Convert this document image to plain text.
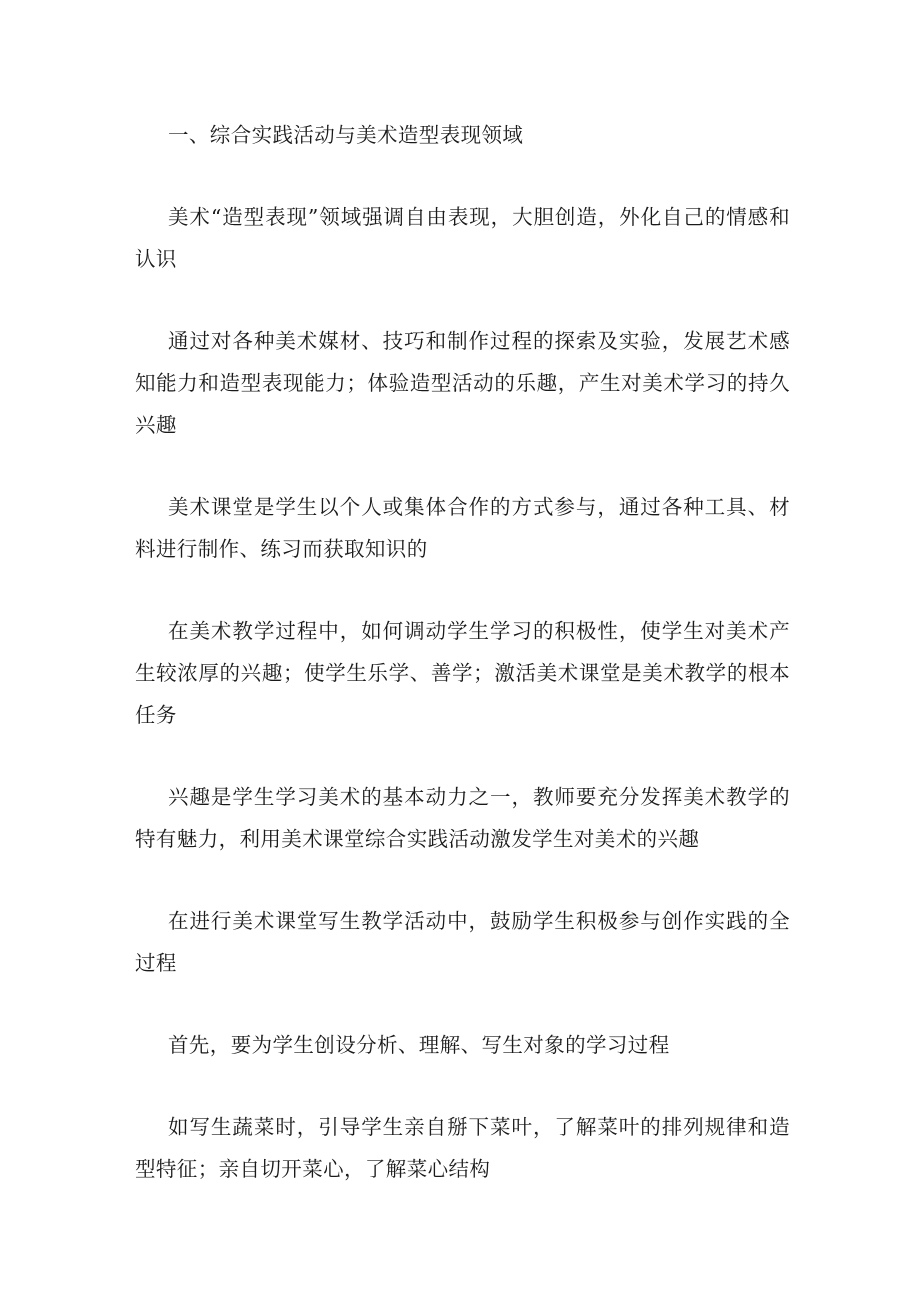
一、综合实践活动与美术造型表现领域

美术“造型表现”领域强调自由表现，大胆创造，外化自己的情感和认识

通过对各种美术媒材、技巧和制作过程的探索及实验，发展艺术感知能力和造型表现能力；体验造型活动的乐趣，产生对美术学习的持久兴趣

美术课堂是学生以个人或集体合作的方式参与，通过各种工具、材料进行制作、练习而获取知识的

在美术教学过程中，如何调动学生学习的积极性，使学生对美术产生较浓厚的兴趣；使学生乐学、善学；激活美术课堂是美术教学的根本任务

兴趣是学生学习美术的基本动力之一，教师要充分发挥美术教学的特有魅力，利用美术课堂综合实践活动激发学生对美术的兴趣

在进行美术课堂写生教学活动中，鼓励学生积极参与创作实践的全过程

首先，要为学生创设分析、理解、写生对象的学习过程

如写生蔬菜时，引导学生亲自掰下菜叶，了解菜叶的排列规律和造型特征；亲自切开菜心，了解菜心结构
